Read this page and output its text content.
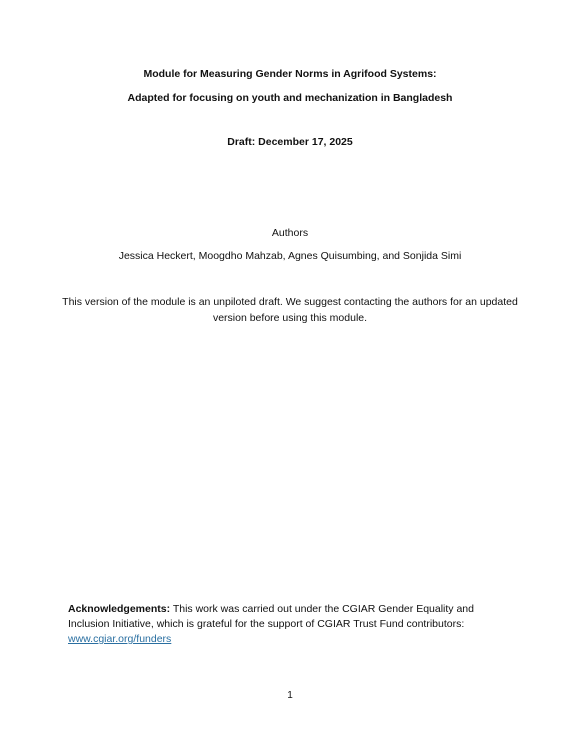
Module for Measuring Gender Norms in Agrifood Systems:
Adapted for focusing on youth and mechanization in Bangladesh
Draft: December 17, 2025
Authors
Jessica Heckert, Moogdho Mahzab, Agnes Quisumbing, and Sonjida Simi
This version of the module is an unpiloted draft. We suggest contacting the authors for an updated version before using this module.
Acknowledgements: This work was carried out under the CGIAR Gender Equality and Inclusion Initiative, which is grateful for the support of CGIAR Trust Fund contributors: www.cgiar.org/funders
1
